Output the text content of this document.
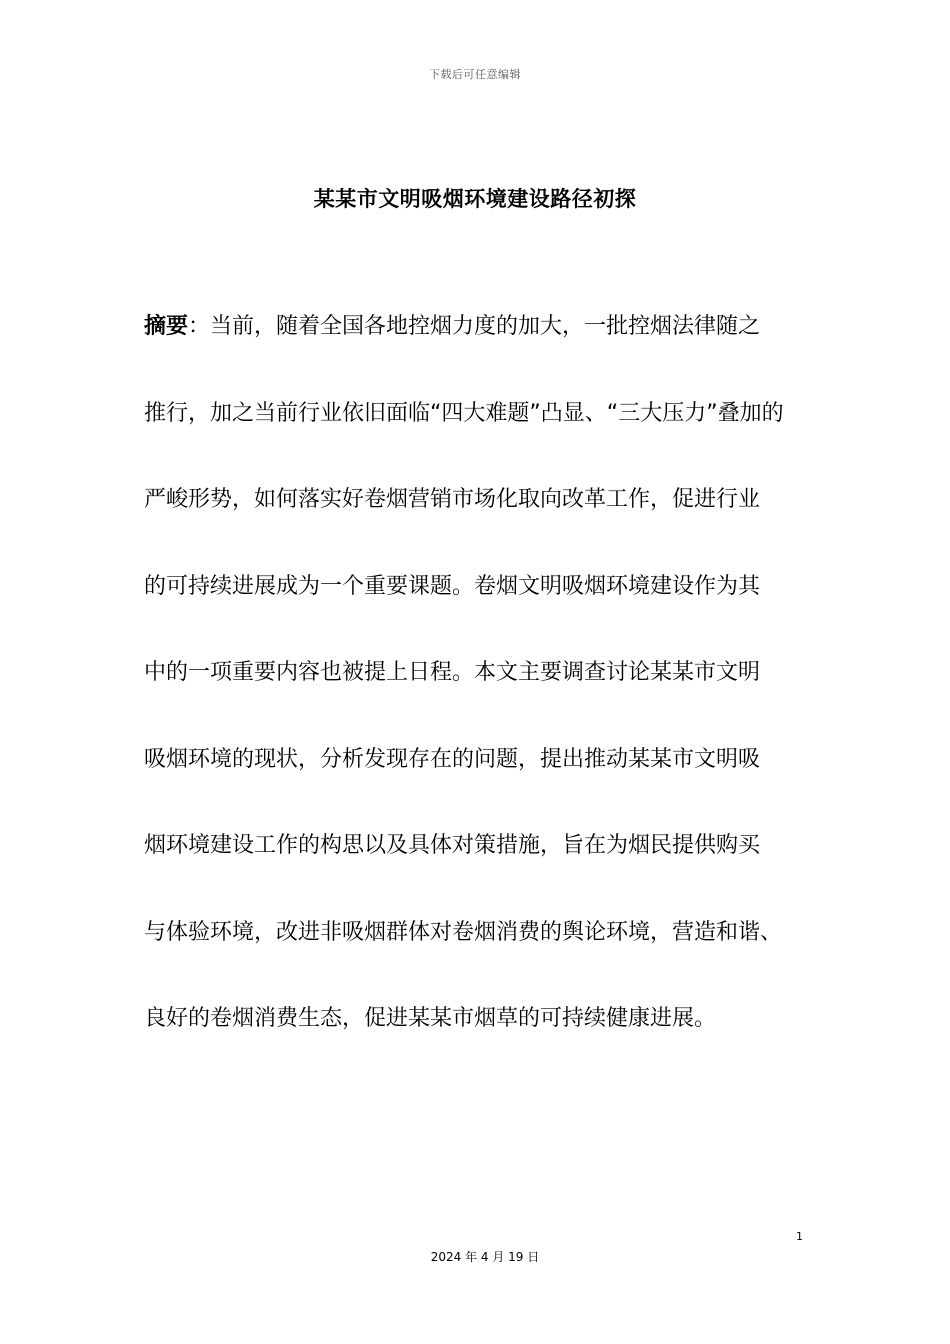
下载后可任意编辑
某某市文明吸烟环境建设路径初探
摘要：当前，随着全国各地控烟力度的加大，一批控烟法律随之
推行，加之当前行业依旧面临“四大难题”凸显、“三大压力”叠加的
严峻形势，如何落实好卷烟营销市场化取向改革工作，促进行业
的可持续进展成为一个重要课题。卷烟文明吸烟环境建设作为其
中的一项重要内容也被提上日程。本文主要调查讨论某某市文明
吸烟环境的现状，分析发现存在的问题，提出推动某某市文明吸
烟环境建设工作的构思以及具体对策措施，旨在为烟民提供购买
与体验环境，改进非吸烟群体对卷烟消费的舆论环境，营造和谐、
良好的卷烟消费生态，促进某某市烟草的可持续健康进展。
1
2024 年 4 月 19 日
